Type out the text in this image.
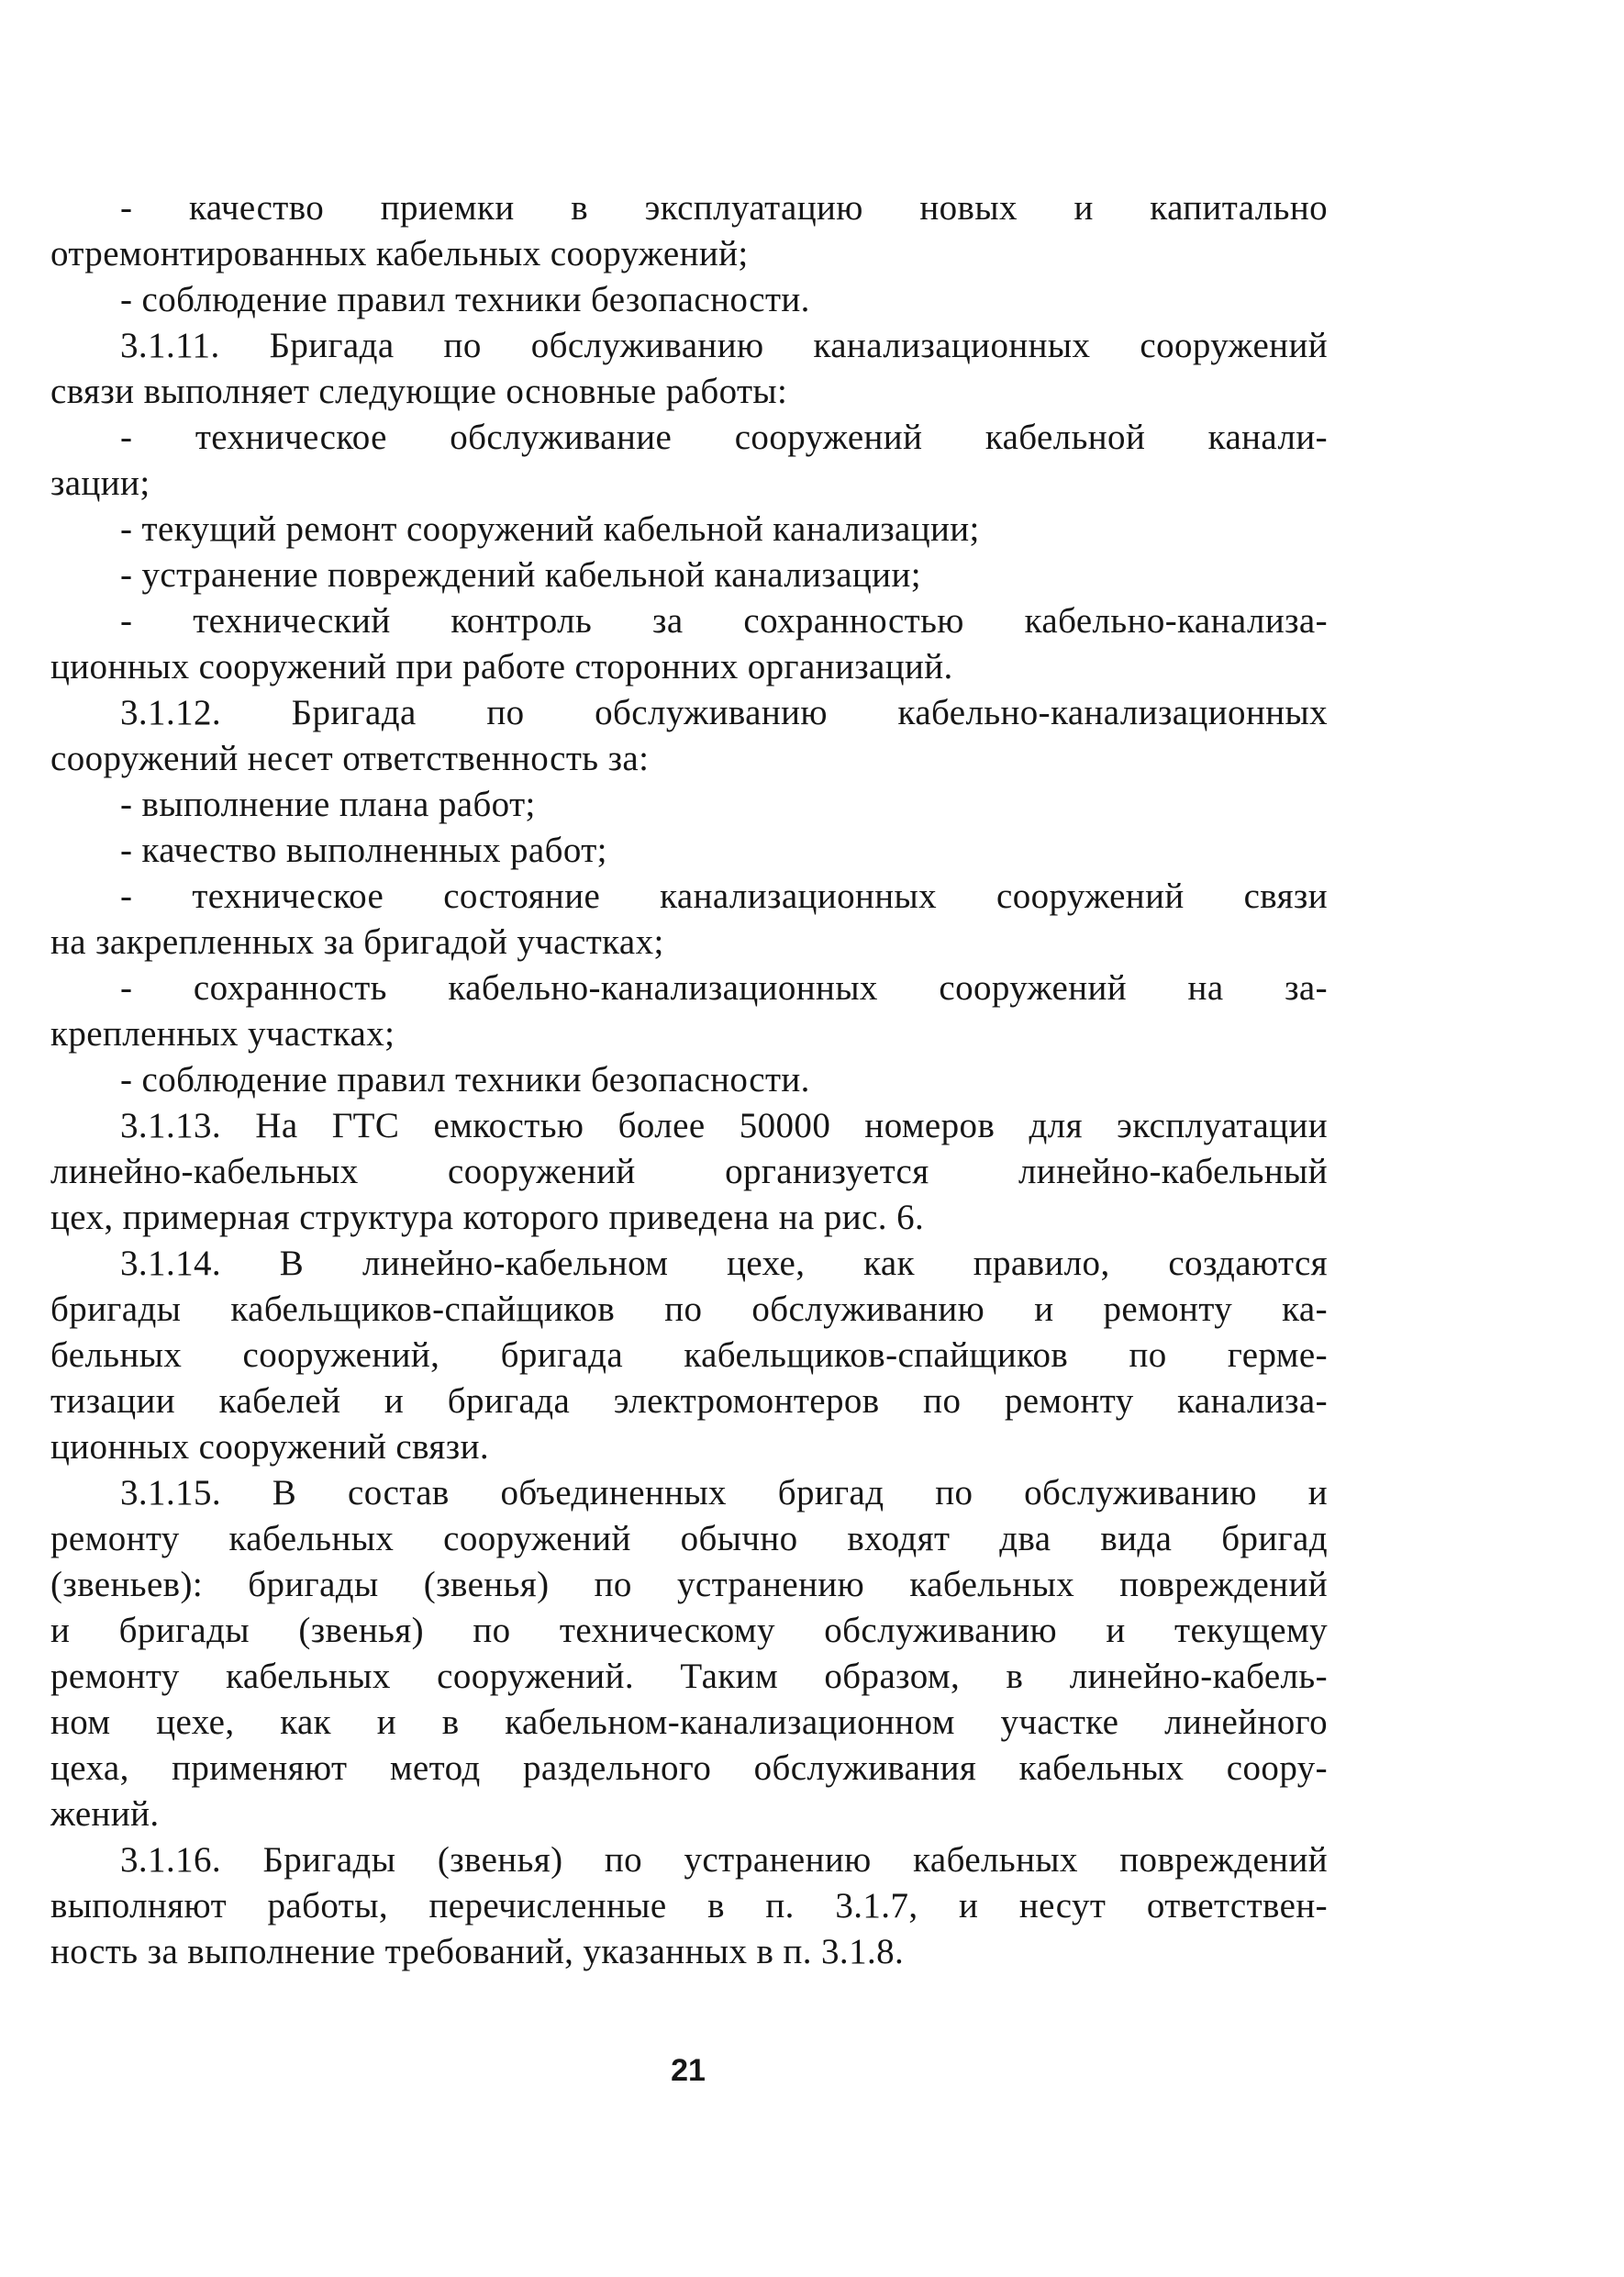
- качество приемки в эксплуатацию новых и капитально
отремонтированных кабельных сооружений;
- соблюдение правил техники безопасности.
3.1.11. Бригада по обслуживанию канализационных сооружений
связи выполняет следующие основные работы:
- техническое обслуживание сооружений кабельной канали-
зации;
- текущий ремонт сооружений кабельной канализации;
- устранение повреждений кабельной канализации;
- технический контроль за сохранностью кабельно-канализа-
ционных сооружений при работе сторонних организаций.
3.1.12. Бригада по обслуживанию кабельно-канализационных
сооружений несет ответственность за:
- выполнение плана работ;
- качество выполненных работ;
- техническое состояние канализационных сооружений связи
на закрепленных за бригадой участках;
- сохранность кабельно-канализационных сооружений на за-
крепленных участках;
- соблюдение правил техники безопасности.
3.1.13. На ГТС емкостью более 50000 номеров для эксплуатации
линейно-кабельных сооружений организуется линейно-кабельный
цех, примерная структура которого приведена на рис. 6.
3.1.14. В линейно-кабельном цехе, как правило, создаются
бригады кабельщиков-спайщиков по обслуживанию и ремонту ка-
бельных сооружений, бригада кабельщиков-спайщиков по герме-
тизации кабелей и бригада электромонтеров по ремонту канализа-
ционных сооружений связи.
3.1.15. В состав объединенных бригад по обслуживанию и
ремонту кабельных сооружений обычно входят два вида бригад
(звеньев): бригады (звенья) по устранению кабельных повреждений
и бригады (звенья) по техническому обслуживанию и текущему
ремонту кабельных сооружений. Таким образом, в линейно-кабель-
ном цехе, как и в кабельном-канализационном участке линейного
цеха, применяют метод раздельного обслуживания кабельных соору-
жений.
3.1.16. Бригады (звенья) по устранению кабельных повреждений
выполняют работы, перечисленные в п. 3.1.7, и несут ответствен-
ность за выполнение требований, указанных в п. 3.1.8.
21
